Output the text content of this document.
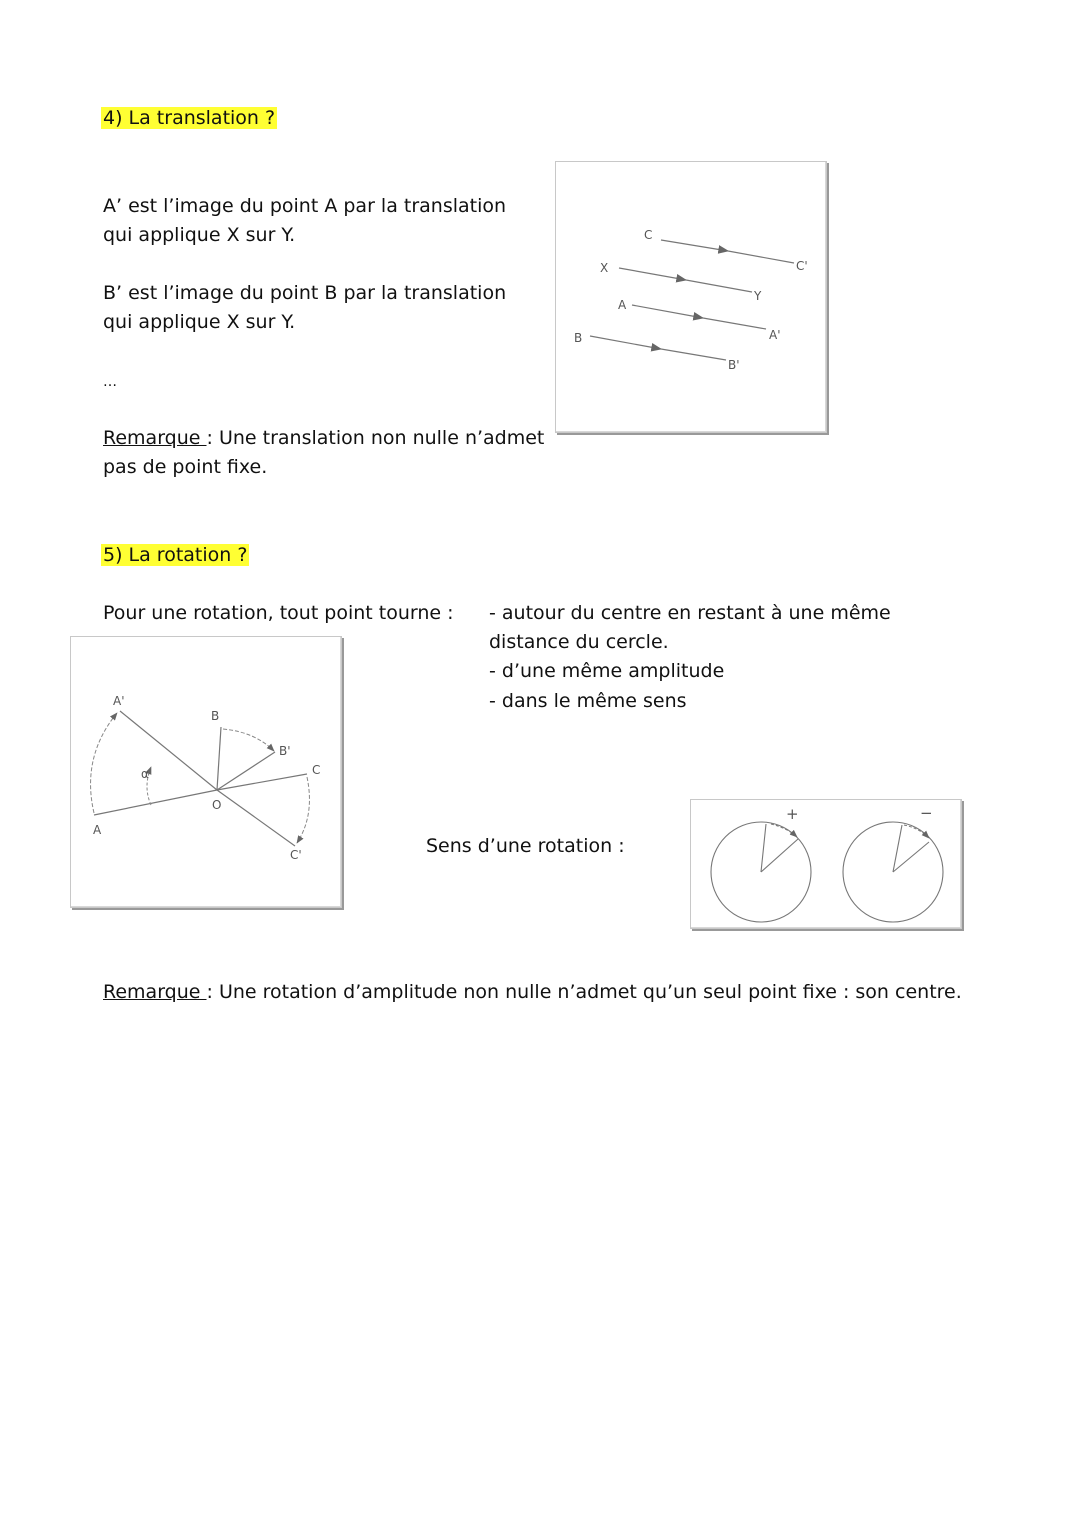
4) La translation ?
A’ est l’image du point A par la translation
qui applique X sur Y.
B’ est l’image du point B par la translation
qui applique X sur Y.
…
Remarque : Une translation non nulle n’admet
pas de point fixe.
C
C'
X
Y
A
A'
B
B'
5) La rotation ?
Pour une rotation, tout point tourne : - autour du centre en restant à une même
distance du cercle.
- d’une même amplitude
- dans le même sens
A'
A
B
B'
C
C'
O
α
Sens d’une rotation :
+	−
Remarque : Une rotation d’amplitude non nulle n’admet qu’un seul point fixe : son centre.
